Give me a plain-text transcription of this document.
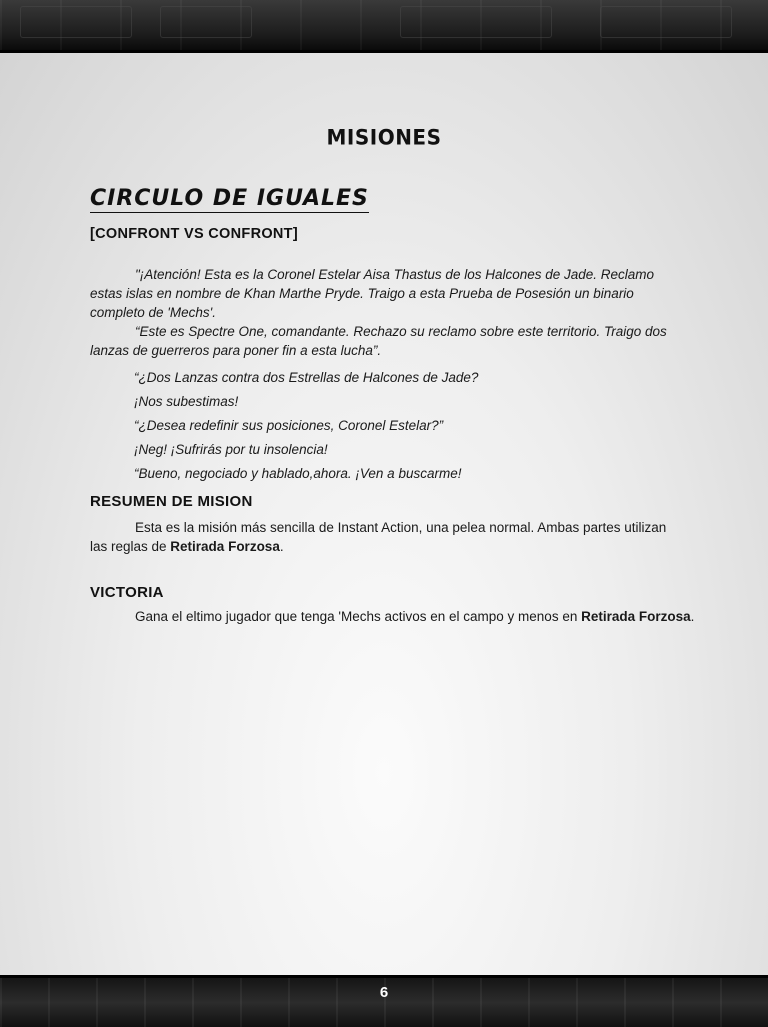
MISIONES
CIRCULO DE IGUALES
[CONFRONT VS CONFRONT]

"¡Atención! Esta es la Coronel Estelar Aisa Thastus de los Halcones de Jade. Reclamo estas islas en nombre de Khan Marthe Pryde. Traigo a esta Prueba de Posesión un binario completo de 'Mechs'.

“Este es Spectre One, comandante. Rechazo su reclamo sobre este territorio. Traigo dos lanzas de guerreros para poner fin a esta lucha”.

“¿Dos Lanzas contra dos Estrellas de Halcones de Jade?
¡Nos subestimas!
“¿Desea redefinir sus posiciones, Coronel Estelar?”
¡Neg! ¡Sufrirás por tu insolencia!
“Bueno, negociado y hablado,ahora. ¡Ven a buscarme!
RESUMEN DE MISION

Esta es la misión más sencilla de Instant Action, una pelea normal. Ambas partes utilizan las reglas de Retirada Forzosa.

VICTORIA

Gana el eltimo jugador que tenga 'Mechs activos en el campo y menos en Retirada Forzosa.

6
